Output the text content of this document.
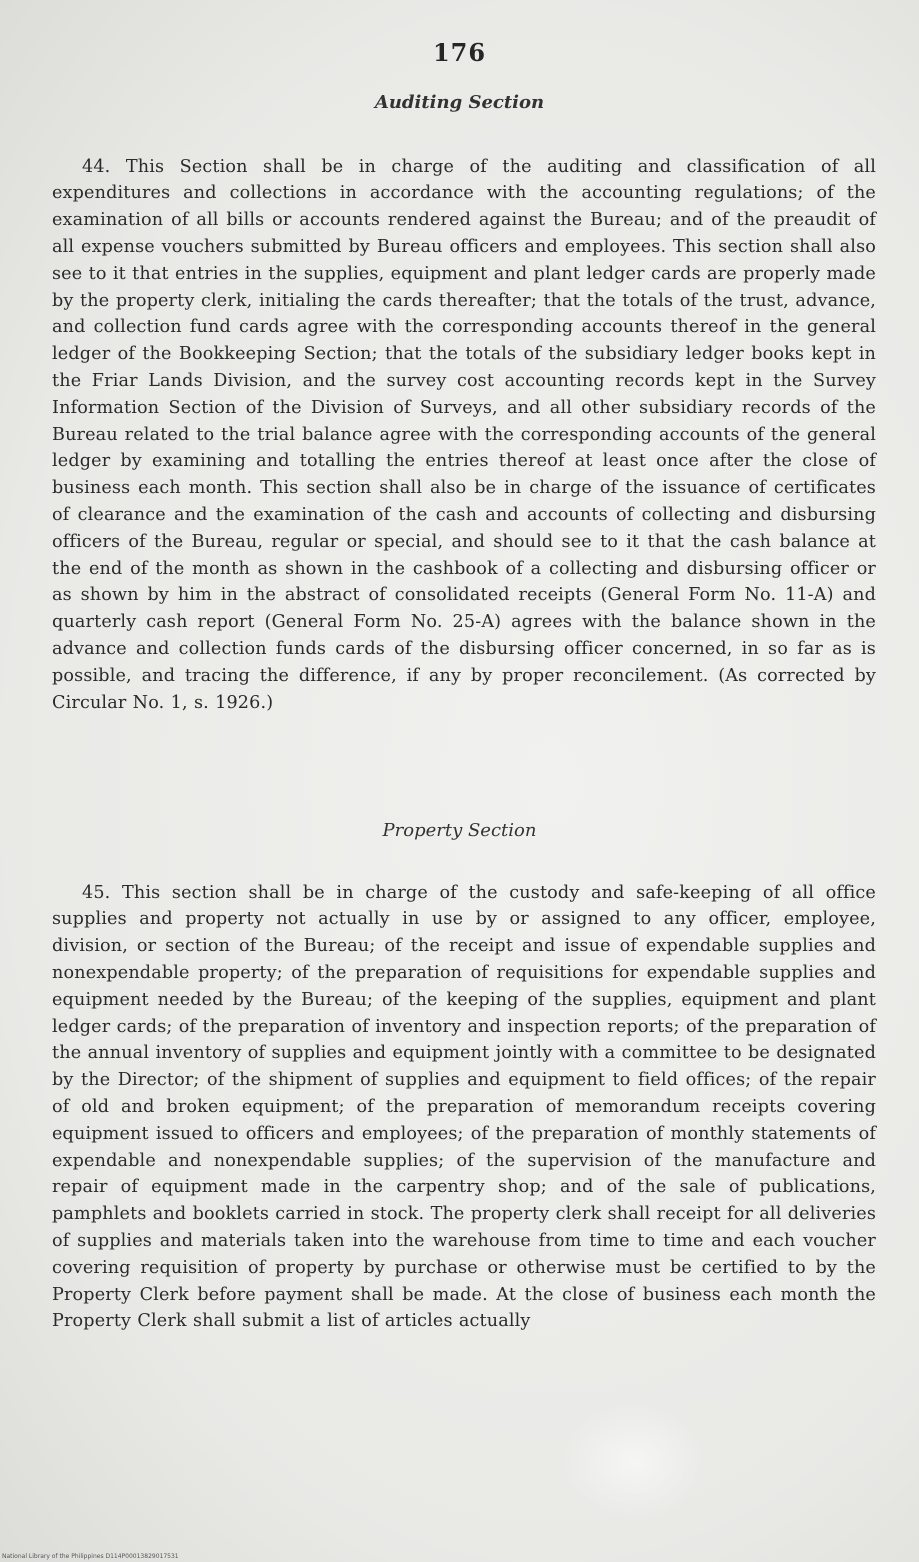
176
Auditing Section

44. This Section shall be in charge of the auditing and classification of all expenditures and collections in accordance with the accounting regulations; of the examination of all bills or accounts rendered against the Bureau; and of the preaudit of all expense vouchers submitted by Bureau officers and employees. This section shall also see to it that entries in the supplies, equipment and plant ledger cards are properly made by the property clerk, initialing the cards thereafter; that the totals of the trust, advance, and collection fund cards agree with the corresponding accounts thereof in the general ledger of the Bookkeeping Section; that the totals of the subsidiary ledger books kept in the Friar Lands Division, and the survey cost accounting records kept in the Survey Information Section of the Division of Surveys, and all other subsidiary records of the Bureau related to the trial balance agree with the corresponding accounts of the general ledger by examining and totalling the entries thereof at least once after the close of business each month. This section shall also be in charge of the issuance of certificates of clearance and the examination of the cash and accounts of collecting and disbursing officers of the Bureau, regular or special, and should see to it that the cash balance at the end of the month as shown in the cashbook of a collecting and disbursing officer or as shown by him in the abstract of consolidated receipts (General Form No. 11-A) and quarterly cash report (General Form No. 25-A) agrees with the balance shown in the advance and collection funds cards of the disbursing officer concerned, in so far as is possible, and tracing the difference, if any by proper reconcilement. (As corrected by Circular No. 1, s. 1926.)

Property Section

45. This section shall be in charge of the custody and safe-keeping of all office supplies and property not actually in use by or assigned to any officer, employee, division, or section of the Bureau; of the receipt and issue of expendable supplies and nonexpendable property; of the preparation of requisitions for expendable supplies and equipment needed by the Bureau; of the keeping of the supplies, equipment and plant ledger cards; of the preparation of inventory and inspection reports; of the preparation of the annual inventory of supplies and equipment jointly with a committee to be designated by the Director; of the shipment of supplies and equipment to field offices; of the repair of old and broken equipment; of the preparation of memorandum receipts covering equipment issued to officers and employees; of the preparation of monthly statements of expendable and nonexpendable supplies; of the supervision of the manufacture and repair of equipment made in the carpentry shop; and of the sale of publications, pamphlets and booklets carried in stock. The property clerk shall receipt for all deliveries of supplies and materials taken into the warehouse from time to time and each voucher covering requisition of property by purchase or otherwise must be certified to by the Property Clerk before payment shall be made. At the close of business each month the Property Clerk shall submit a list of articles actually

National Library of the Philippines D114P00013829017531
